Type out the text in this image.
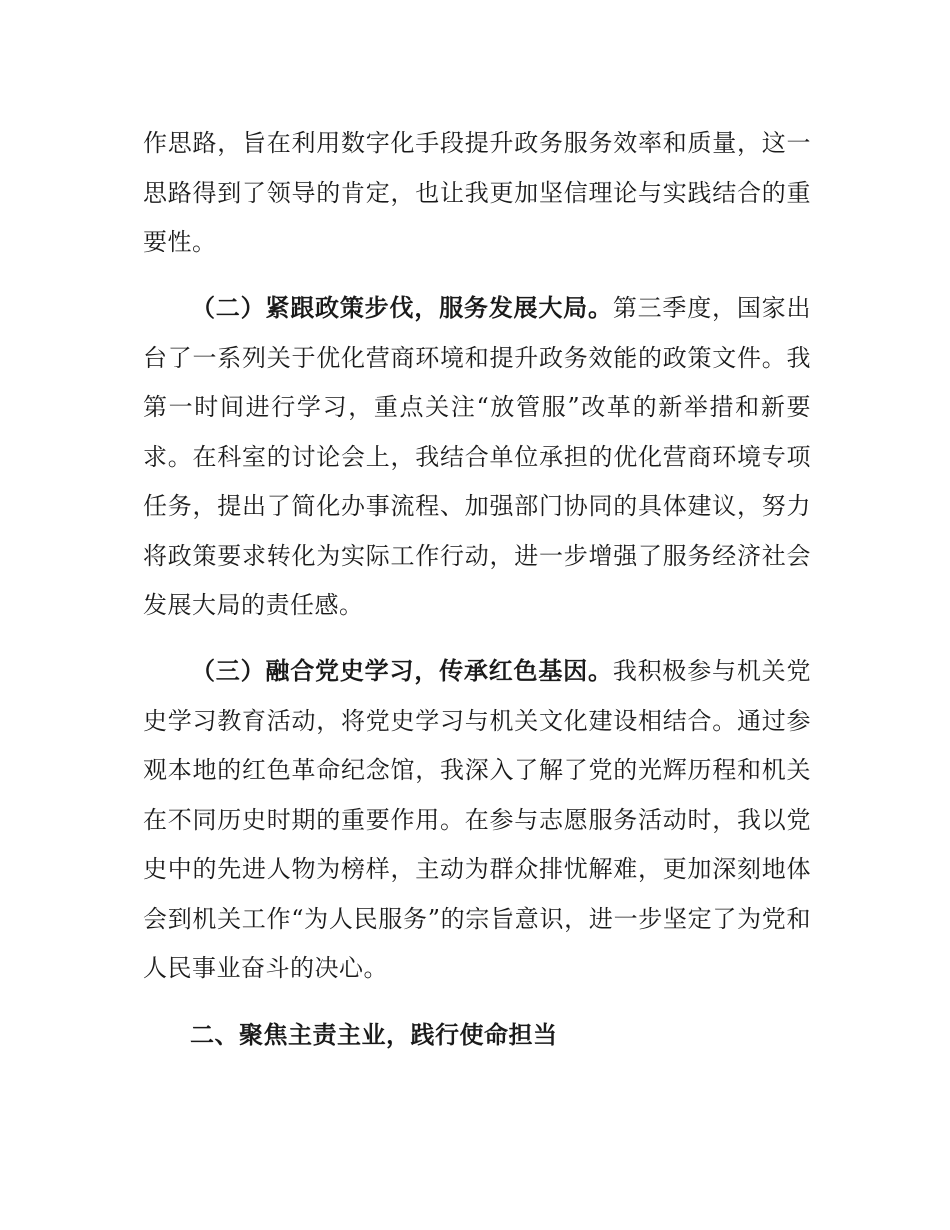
作思路，旨在利用数字化手段提升政务服务效率和质量，这一思路得到了领导的肯定，也让我更加坚信理论与实践结合的重要性。

（二）紧跟政策步伐，服务发展大局。第三季度，国家出台了一系列关于优化营商环境和提升政务效能的政策文件。我第一时间进行学习，重点关注“放管服”改革的新举措和新要求。在科室的讨论会上，我结合单位承担的优化营商环境专项任务，提出了简化办事流程、加强部门协同的具体建议，努力将政策要求转化为实际工作行动，进一步增强了服务经济社会发展大局的责任感。

（三）融合党史学习，传承红色基因。我积极参与机关党史学习教育活动，将党史学习与机关文化建设相结合。通过参观本地的红色革命纪念馆，我深入了解了党的光辉历程和机关在不同历史时期的重要作用。在参与志愿服务活动时，我以党史中的先进人物为榜样，主动为群众排忧解难，更加深刻地体会到机关工作“为人民服务”的宗旨意识，进一步坚定了为党和人民事业奋斗的决心。

二、聚焦主责主业，践行使命担当
